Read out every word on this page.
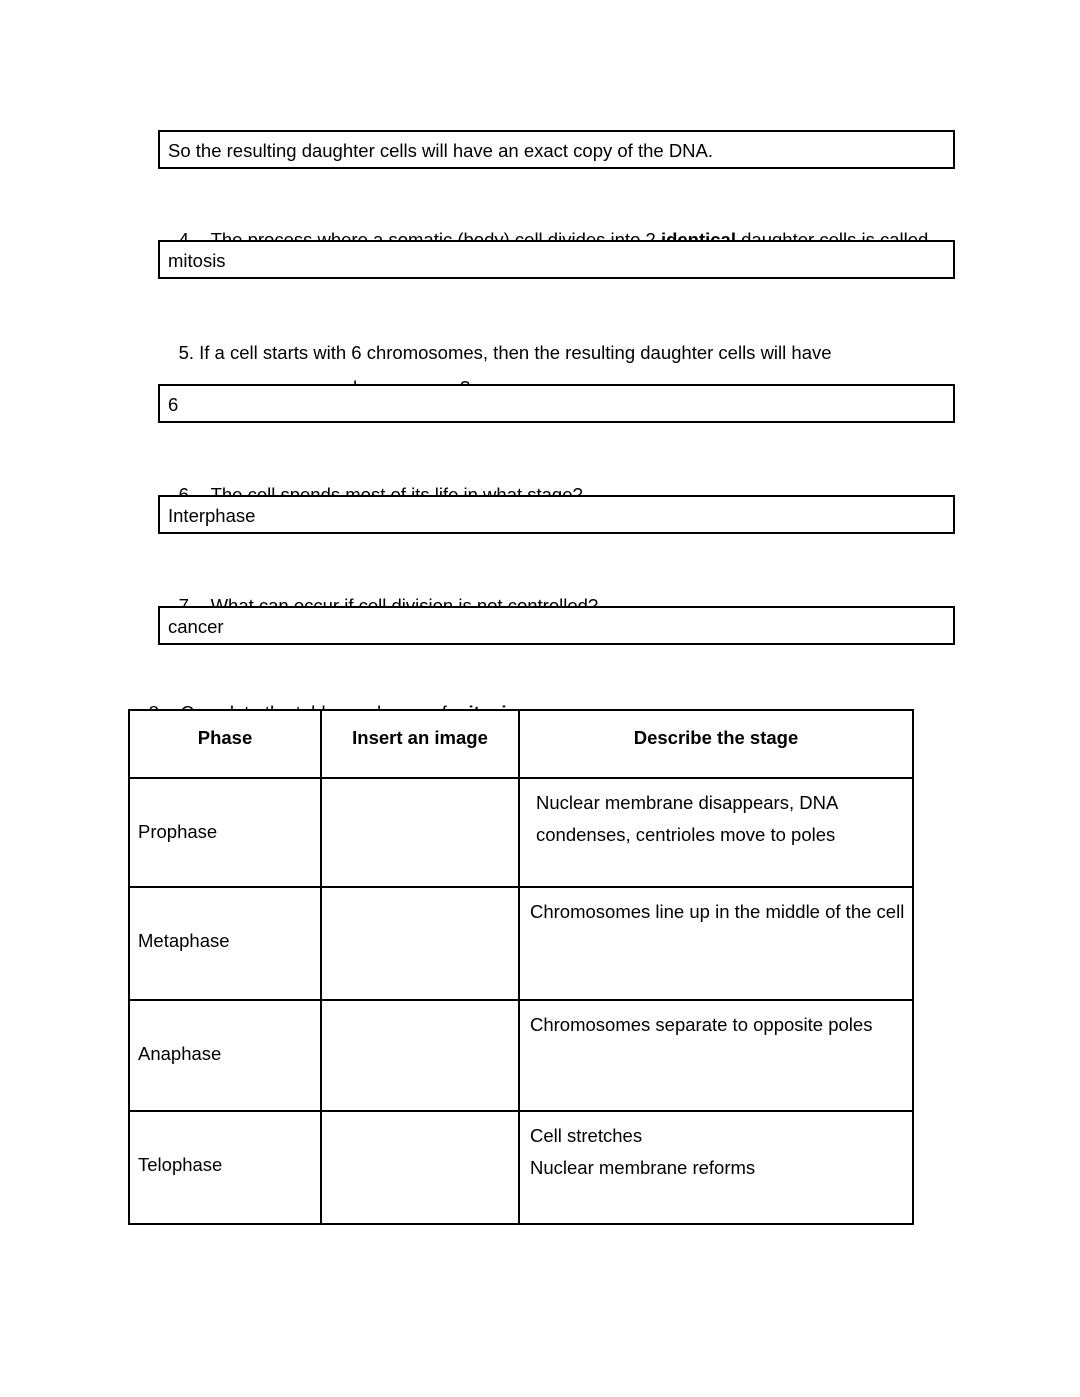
So the resulting daughter cells will have an exact copy of the DNA.

mitosis

5. If a cell starts with 6 chromosomes, then the resulting daughter cells will have

6

Interphase

cancer

Phase	Insert an image	Describe the stage

Prophase		Nuclear membrane disappears, DNA
condenses, centrioles move to poles

Metaphase		Chromosomes line up in the middle of the cell

Anaphase		Chromosomes separate to opposite poles

Telophase		Cell stretches
Nuclear membrane reforms
